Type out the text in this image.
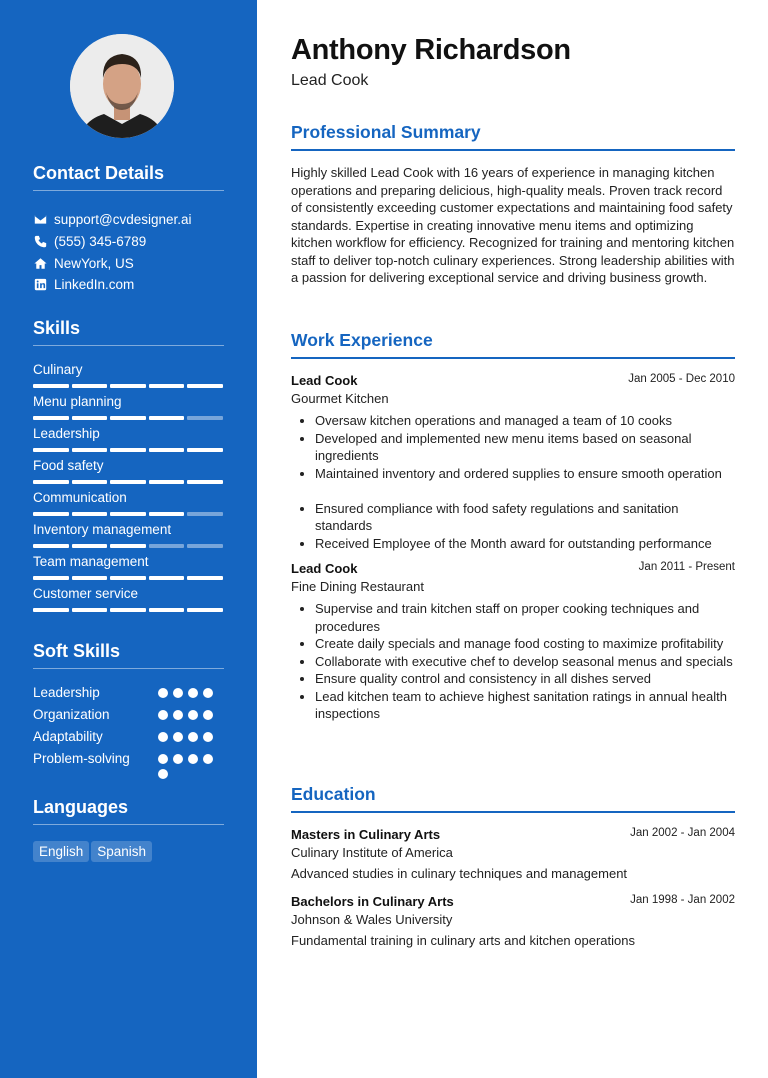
Contact Details
support@cvdesigner.ai
(555) 345-6789
NewYork, US
LinkedIn.com
Skills
Culinary
Menu planning
Leadership
Food safety
Communication
Inventory management
Team management
Customer service
Soft Skills
Leadership
Organization
Adaptability
Problem-solving
Languages
English Spanish
Anthony Richardson
Lead Cook
Professional Summary
Highly skilled Lead Cook with 16 years of experience in managing kitchen operations and preparing delicious, high-quality meals. Proven track record of consistently exceeding customer expectations and maintaining food safety standards. Expertise in creating innovative menu items and optimizing kitchen workflow for efficiency. Recognized for training and mentoring kitchen staff to deliver top-notch culinary experiences. Strong leadership abilities with a passion for delivering exceptional service and driving business growth.
Work Experience
Lead Cook	Jan 2005 - Dec 2010
Gourmet Kitchen
• Oversaw kitchen operations and managed a team of 10 cooks
• Developed and implemented new menu items based on seasonal ingredients
• Maintained inventory and ordered supplies to ensure smooth operation
• Ensured compliance with food safety regulations and sanitation standards
• Received Employee of the Month award for outstanding performance
Lead Cook	Jan 2011 - Present
Fine Dining Restaurant
• Supervise and train kitchen staff on proper cooking techniques and procedures
• Create daily specials and manage food costing to maximize profitability
• Collaborate with executive chef to develop seasonal menus and specials
• Ensure quality control and consistency in all dishes served
• Lead kitchen team to achieve highest sanitation ratings in annual health inspections
Education
Masters in Culinary Arts	Jan 2002 - Jan 2004
Culinary Institute of America
Advanced studies in culinary techniques and management
Bachelors in Culinary Arts	Jan 1998 - Jan 2002
Johnson & Wales University
Fundamental training in culinary arts and kitchen operations
